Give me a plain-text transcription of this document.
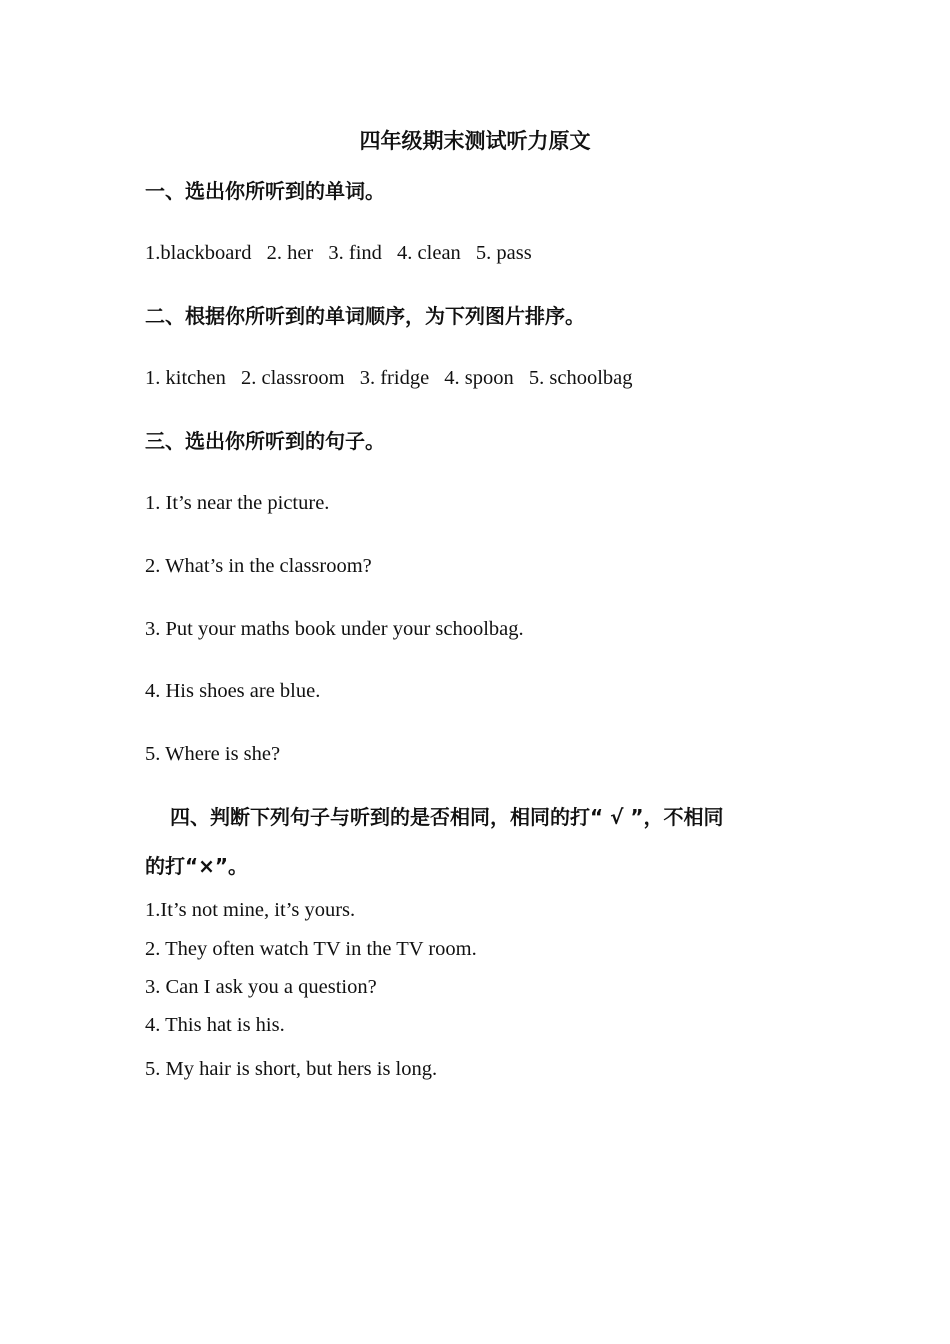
四年级期末测试听力原文
一、选出你所听到的单词。
1.blackboard 2. her 3. find 4. clean 5. pass
二、根据你所听到的单词顺序，为下列图片排序。
1. kitchen 2. classroom 3. fridge 4. spoon 5. schoolbag
三、选出你所听到的句子。
1. It’s near the picture.
2. What’s in the classroom?
3. Put your maths book under your schoolbag.
4. His shoes are blue.
5. Where is she?
四、判断下列句子与听到的是否相同，相同的打“ √ ”，不相同
的打“×”。
1.It’s not mine, it’s yours.
2. They often watch TV in the TV room.
3. Can I ask you a question?
4. This hat is his.
5. My hair is short, but hers is long.
